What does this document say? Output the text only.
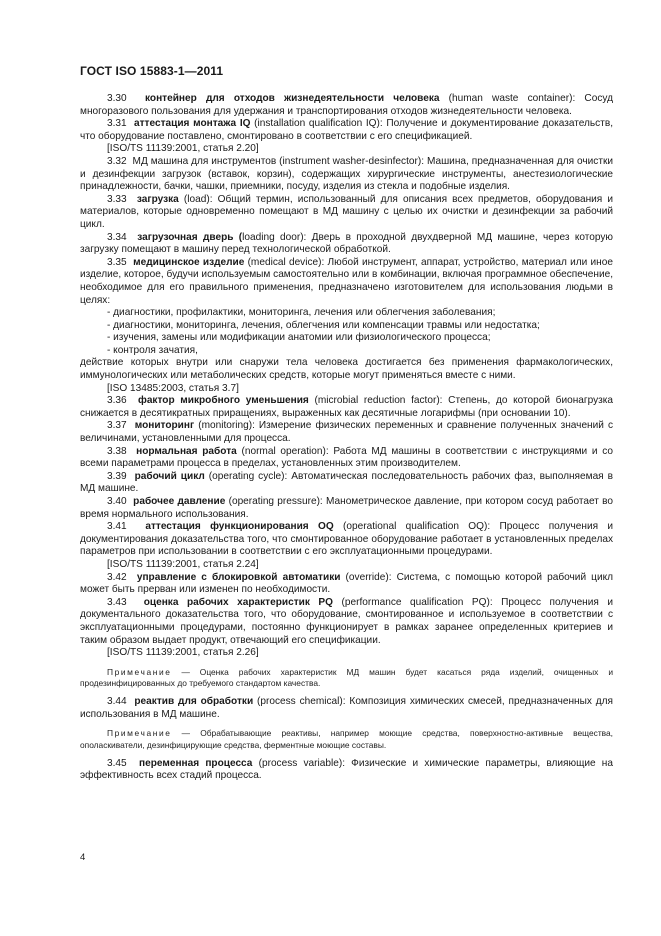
ГОСТ ISO 15883-1—2011

3.30 контейнер для отходов жизнедеятельности человека (human waste container): Сосуд многоразового пользования для удержания и транспортирования отходов жизнедеятельности человека.

3.31 аттестация монтажа IQ (installation qualification IQ): Получение и документирование доказательств, что оборудование поставлено, смонтировано в соответствии с его спецификацией.

[ISO/TS 11139:2001, статья 2.20]

3.32 МД машина для инструментов (instrument washer-desinfector): Машина, предназначенная для очистки и дезинфекции загрузок (вставок, корзин), содержащих хирургические инструменты, анестезиологические принадлежности, бачки, чашки, приемники, посуду, изделия из стекла и подобные изделия.

3.33 загрузка (load): Общий термин, использованный для описания всех предметов, оборудования и материалов, которые одновременно помещают в МД машину с целью их очистки и дезинфекции за рабочий цикл.

3.34 загрузочная дверь (loading door): Дверь в проходной двухдверной МД машине, через которую загрузку помещают в машину перед технологической обработкой.

3.35 медицинское изделие (medical device): Любой инструмент, аппарат, устройство, материал или иное изделие, которое, будучи используемым самостоятельно или в комбинации, включая программное обеспечение, необходимое для его правильного применения, предназначено изготовителем для использования людьми в целях:

- диагностики, профилактики, мониторинга, лечения или облегчения заболевания;
- диагностики, мониторинга, лечения, облегчения или компенсации травмы или недостатка;
- изучения, замены или модификации анатомии или физиологического процесса;
- контроля зачатия,

действие которых внутри или снаружи тела человека достигается без применения фармакологических, иммунологических или метаболических средств, которые могут применяться вместе с ними.

[ISO 13485:2003, статья 3.7]

3.36 фактор микробного уменьшения (microbial reduction factor): Степень, до которой бионагрузка снижается в десятикратных приращениях, выраженных как десятичные логарифмы (при основании 10).

3.37 мониторинг (monitoring): Измерение физических переменных и сравнение полученных значений с величинами, установленными для процесса.

3.38 нормальная работа (normal operation): Работа МД машины в соответствии с инструкциями и со всеми параметрами процесса в пределах, установленных этим производителем.

3.39 рабочий цикл (operating cycle): Автоматическая последовательность рабочих фаз, выполняемая в МД машине.

3.40 рабочее давление (operating pressure): Манометрическое давление, при котором сосуд работает во время нормального использования.

3.41 аттестация функционирования OQ (operational qualification OQ): Процесс получения и документирования доказательства того, что смонтированное оборудование работает в установленных пределах параметров при использовании в соответствии с его эксплуатационными процедурами.

[ISO/TS 11139:2001, статья 2.24]

3.42 управление с блокировкой автоматики (override): Система, с помощью которой рабочий цикл может быть прерван или изменен по необходимости.

3.43 оценка рабочих характеристик PQ (performance qualification PQ): Процесс получения и документального доказательства того, что оборудование, смонтированное и используемое в соответствии с эксплуатационными процедурами, постоянно функционирует в рамках заранее определенных критериев и таким образом выдает продукт, отвечающий его спецификации.

[ISO/TS 11139:2001, статья 2.26]

Примечание — Оценка рабочих характеристик МД машин будет касаться ряда изделий, очищенных и продезинфицированных до требуемого стандартом качества.

3.44 реактив для обработки (process chemical): Композиция химических смесей, предназначенных для использования в МД машине.

Примечание — Обрабатывающие реактивы, например моющие средства, поверхностно-активные вещества, ополаскиватели, дезинфицирующие средства, ферментные моющие составы.

3.45 переменная процесса (process variable): Физические и химические параметры, влияющие на эффективность всех стадий процесса.

4
